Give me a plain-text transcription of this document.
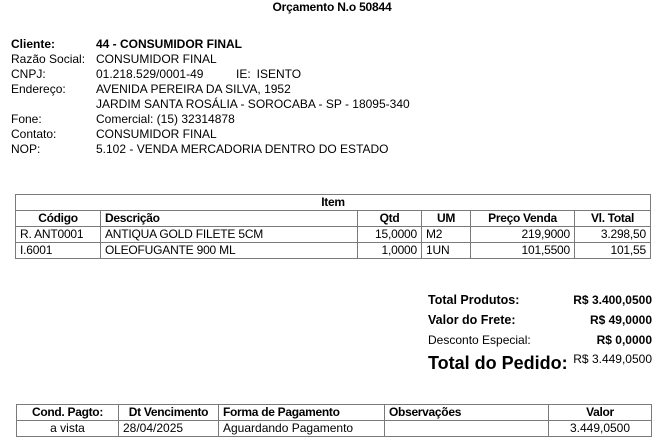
Orçamento N.o 50844
Cliente:	44 - CONSUMIDOR FINAL
Razão Social: CONSUMIDOR FINAL
CNPJ:	01.218.529/0001-49	IE: ISENTO
Endereço:	AVENIDA PEREIRA DA SILVA, 1952
JARDIM SANTA ROSÁLIA - SOROCABA - SP - 18095-340
Fone:	Comercial: (15) 32314878
Contato:	CONSUMIDOR FINAL
NOP:	5.102 - VENDA MERCADORIA DENTRO DO ESTADO
Item					
Código	Descrição	Qtd	UM	Preço Venda	Vl. Total
R. ANT0001	ANTIQUA GOLD FILETE 5CM	15,0000	M2	219,9000	3.298,50
I.6001	OLEOFUGANTE 900 ML	1,0000	1UN	101,5500	101,55
Total Produtos:	R$ 3.400,0500
Valor do Frete:	R$ 49,0000
Desconto Especial:	R$ 0,0000
Total do Pedido: R$ 3.449,0500
Cond. Pagto:	Dt Vencimento	Forma de Pagamento	Observações	Valor
a vista	28/04/2025	Aguardando Pagamento		3.449,0500
